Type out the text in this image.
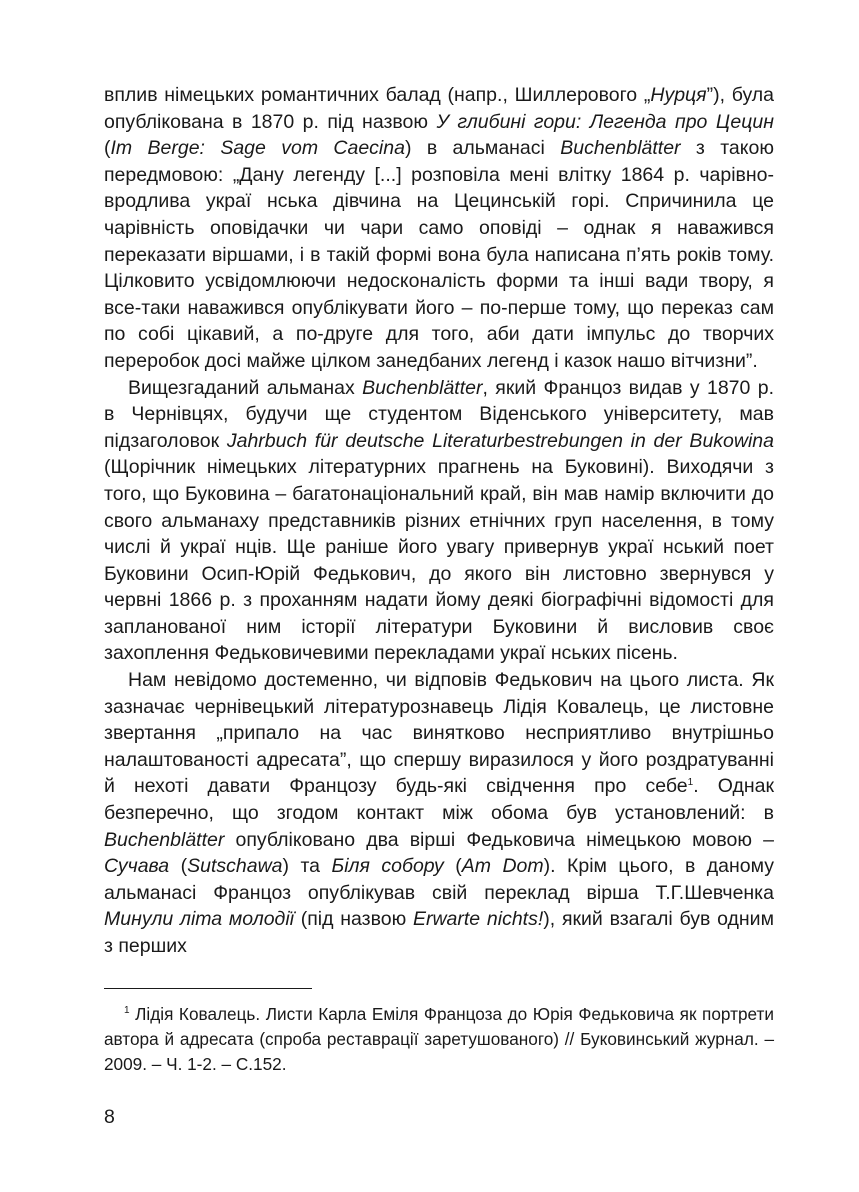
вплив німецьких романтичних балад (напр., Шиллерового „Нурця”), була опублікована в 1870 р. під назвою У глибині гори: Легенда про Цецин (Im Berge: Sage vom Caecina) в альманасі Buchenblätter з такою передмовою: „Дану легенду [...] розповіла мені влітку 1864 р. чарівно-вродлива украї нська дівчина на Цецинській горі. Спричинила це чарівність оповідачки чи чари само оповіді – однак я наважився переказати віршами, і в такій формі вона була написана п’ять років тому. Цілковито усвідомлюючи недосконалість форми та інші вади твору, я все-таки наважився опублікувати його – по-перше тому, що переказ сам по собі цікавий, а по-друге для того, аби дати імпульс до творчих переробок досі майже цілком занедбаних легенд і казок нашо вітчизни”.

Вищезгаданий альманах Buchenblätter, який Францоз видав у 1870 р. в Чернівцях, будучи ще студентом Віденського університету, мав підзаголовок Jahrbuch für deutsche Literaturbestrebungen in der Bukowina (Щорічник німецьких літературних прагнень на Буковині). Виходячи з того, що Буковина – багатонаціональний край, він мав намір включити до свого альманаху представників різних етнічних груп населення, в тому числі й украї нців. Ще раніше його увагу привернув украї нський поет Буковини Осип-Юрій Федькович, до якого він листовно звернувся у червні 1866 р. з проханням надати йому деякі біографічні відомості для запланованої ним історії літератури Буковини й висловив своє захоплення Федьковичевими перекладами украї нських пісень.

Нам невідомо достеменно, чи відповів Федькович на цього листа. Як зазначає чернівецький літературознавець Лідія Ковалець, це листовне звертання „припало на час винятково несприятливо внутрішньо налаштованості адресата”, що спершу виразилося у його роздратуванні й нехоті давати Францозу будь-які свідчення про себе$^1$. Однак безперечно, що згодом контакт між обома був установлений: в Buchenblätter опубліковано два вірші Федьковича німецькою мовою – Сучава (Sutschawa) та Біля собору (Am Dom). Крім цього, в даному альманасі Францоз опублікував свій переклад вірша Т.Г.Шевченка Минули літа молодії (під назвою Erwarte nichts!), який взагалі був одним з перших

$^1$ Лідія Ковалець. Листи Карла Еміля Францоза до Юрія Федьковича як портрети автора й адресата (спроба реставрації заретушованого) // Буковинський журнал. – 2009. – Ч. 1-2. – С.152.
8
